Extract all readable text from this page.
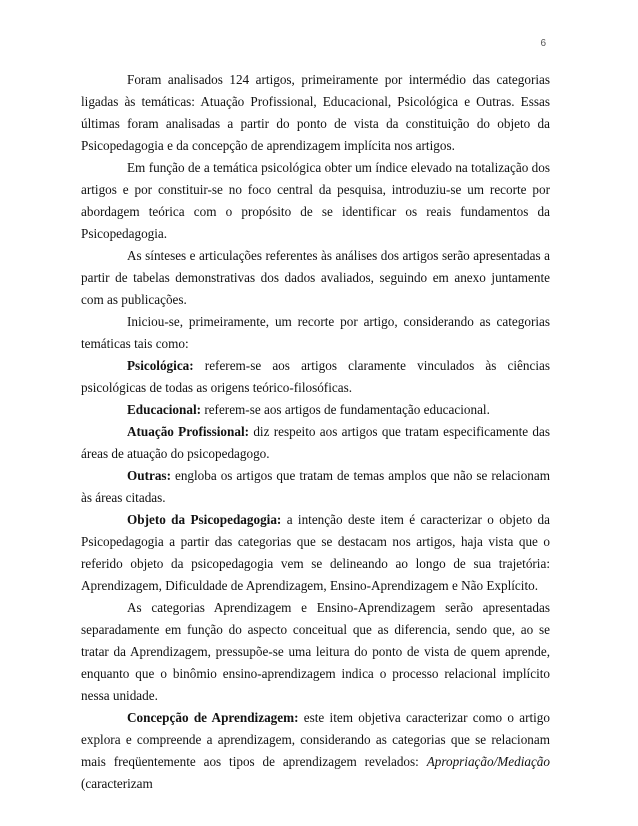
6

Foram analisados 124 artigos, primeiramente por intermédio das categorias ligadas às temáticas: Atuação Profissional, Educacional, Psicológica e Outras. Essas últimas foram analisadas a partir do ponto de vista da constituição do objeto da Psicopedagogia e da concepção de aprendizagem implícita nos artigos.

Em função de a temática psicológica obter um índice elevado na totalização dos artigos e por constituir-se no foco central da pesquisa, introduziu-se um recorte por abordagem teórica com o propósito de se identificar os reais fundamentos da Psicopedagogia.

As sínteses e articulações referentes às análises dos artigos serão apresentadas a partir de tabelas demonstrativas dos dados avaliados, seguindo em anexo juntamente com as publicações.

Iniciou-se, primeiramente, um recorte por artigo, considerando as categorias temáticas tais como:

Psicológica: referem-se aos artigos claramente vinculados às ciências psicológicas de todas as origens teórico-filosóficas.

Educacional: referem-se aos artigos de fundamentação educacional.

Atuação Profissional: diz respeito aos artigos que tratam especificamente das áreas de atuação do psicopedagogo.

Outras: engloba os artigos que tratam de temas amplos que não se relacionam às áreas citadas.

Objeto da Psicopedagogia: a intenção deste item é caracterizar o objeto da Psicopedagogia a partir das categorias que se destacam nos artigos, haja vista que o referido objeto da psicopedagogia vem se delineando ao longo de sua trajetória: Aprendizagem, Dificuldade de Aprendizagem, Ensino-Aprendizagem e Não Explícito.

As categorias Aprendizagem e Ensino-Aprendizagem serão apresentadas separadamente em função do aspecto conceitual que as diferencia, sendo que, ao se tratar da Aprendizagem, pressupõe-se uma leitura do ponto de vista de quem aprende, enquanto que o binômio ensino-aprendizagem indica o processo relacional implícito nessa unidade.

Concepção de Aprendizagem: este item objetiva caracterizar como o artigo explora e compreende a aprendizagem, considerando as categorias que se relacionam mais freqüentemente aos tipos de aprendizagem revelados: Apropriação/Mediação (caracterizam
